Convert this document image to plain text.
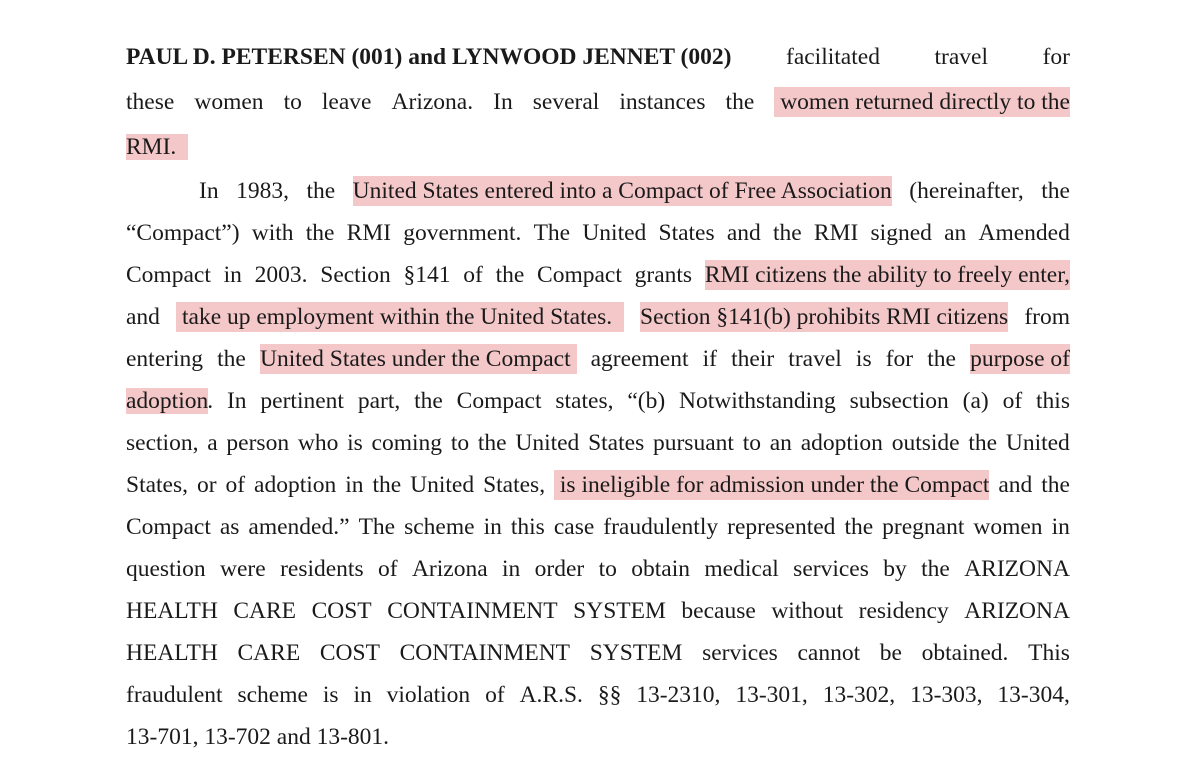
PAUL D. PETERSEN (001) and LYNWOOD JENNET (002) facilitated travel for
these women to leave Arizona. In several instances the women returned directly to the
RMI.
In 1983, the United States entered into a Compact of Free Association (hereinafter, the
“Compact”) with the RMI government. The United States and the RMI signed an Amended
Compact in 2003. Section §141 of the Compact grants RMI citizens the ability to freely enter,
and take up employment within the United States. Section §141(b) prohibits RMI citizens from
entering the United States under the Compact agreement if their travel is for the purpose of
adoption. In pertinent part, the Compact states, “(b) Notwithstanding subsection (a) of this
section, a person who is coming to the United States pursuant to an adoption outside the United
States, or of adoption in the United States, is ineligible for admission under the Compact and the
Compact as amended.” The scheme in this case fraudulently represented the pregnant women in
question were residents of Arizona in order to obtain medical services by the ARIZONA
HEALTH CARE COST CONTAINMENT SYSTEM because without residency ARIZONA
HEALTH CARE COST CONTAINMENT SYSTEM services cannot be obtained. This
fraudulent scheme is in violation of A.R.S. §§ 13-2310, 13-301, 13-302, 13-303, 13-304,
13-701, 13-702 and 13-801.
